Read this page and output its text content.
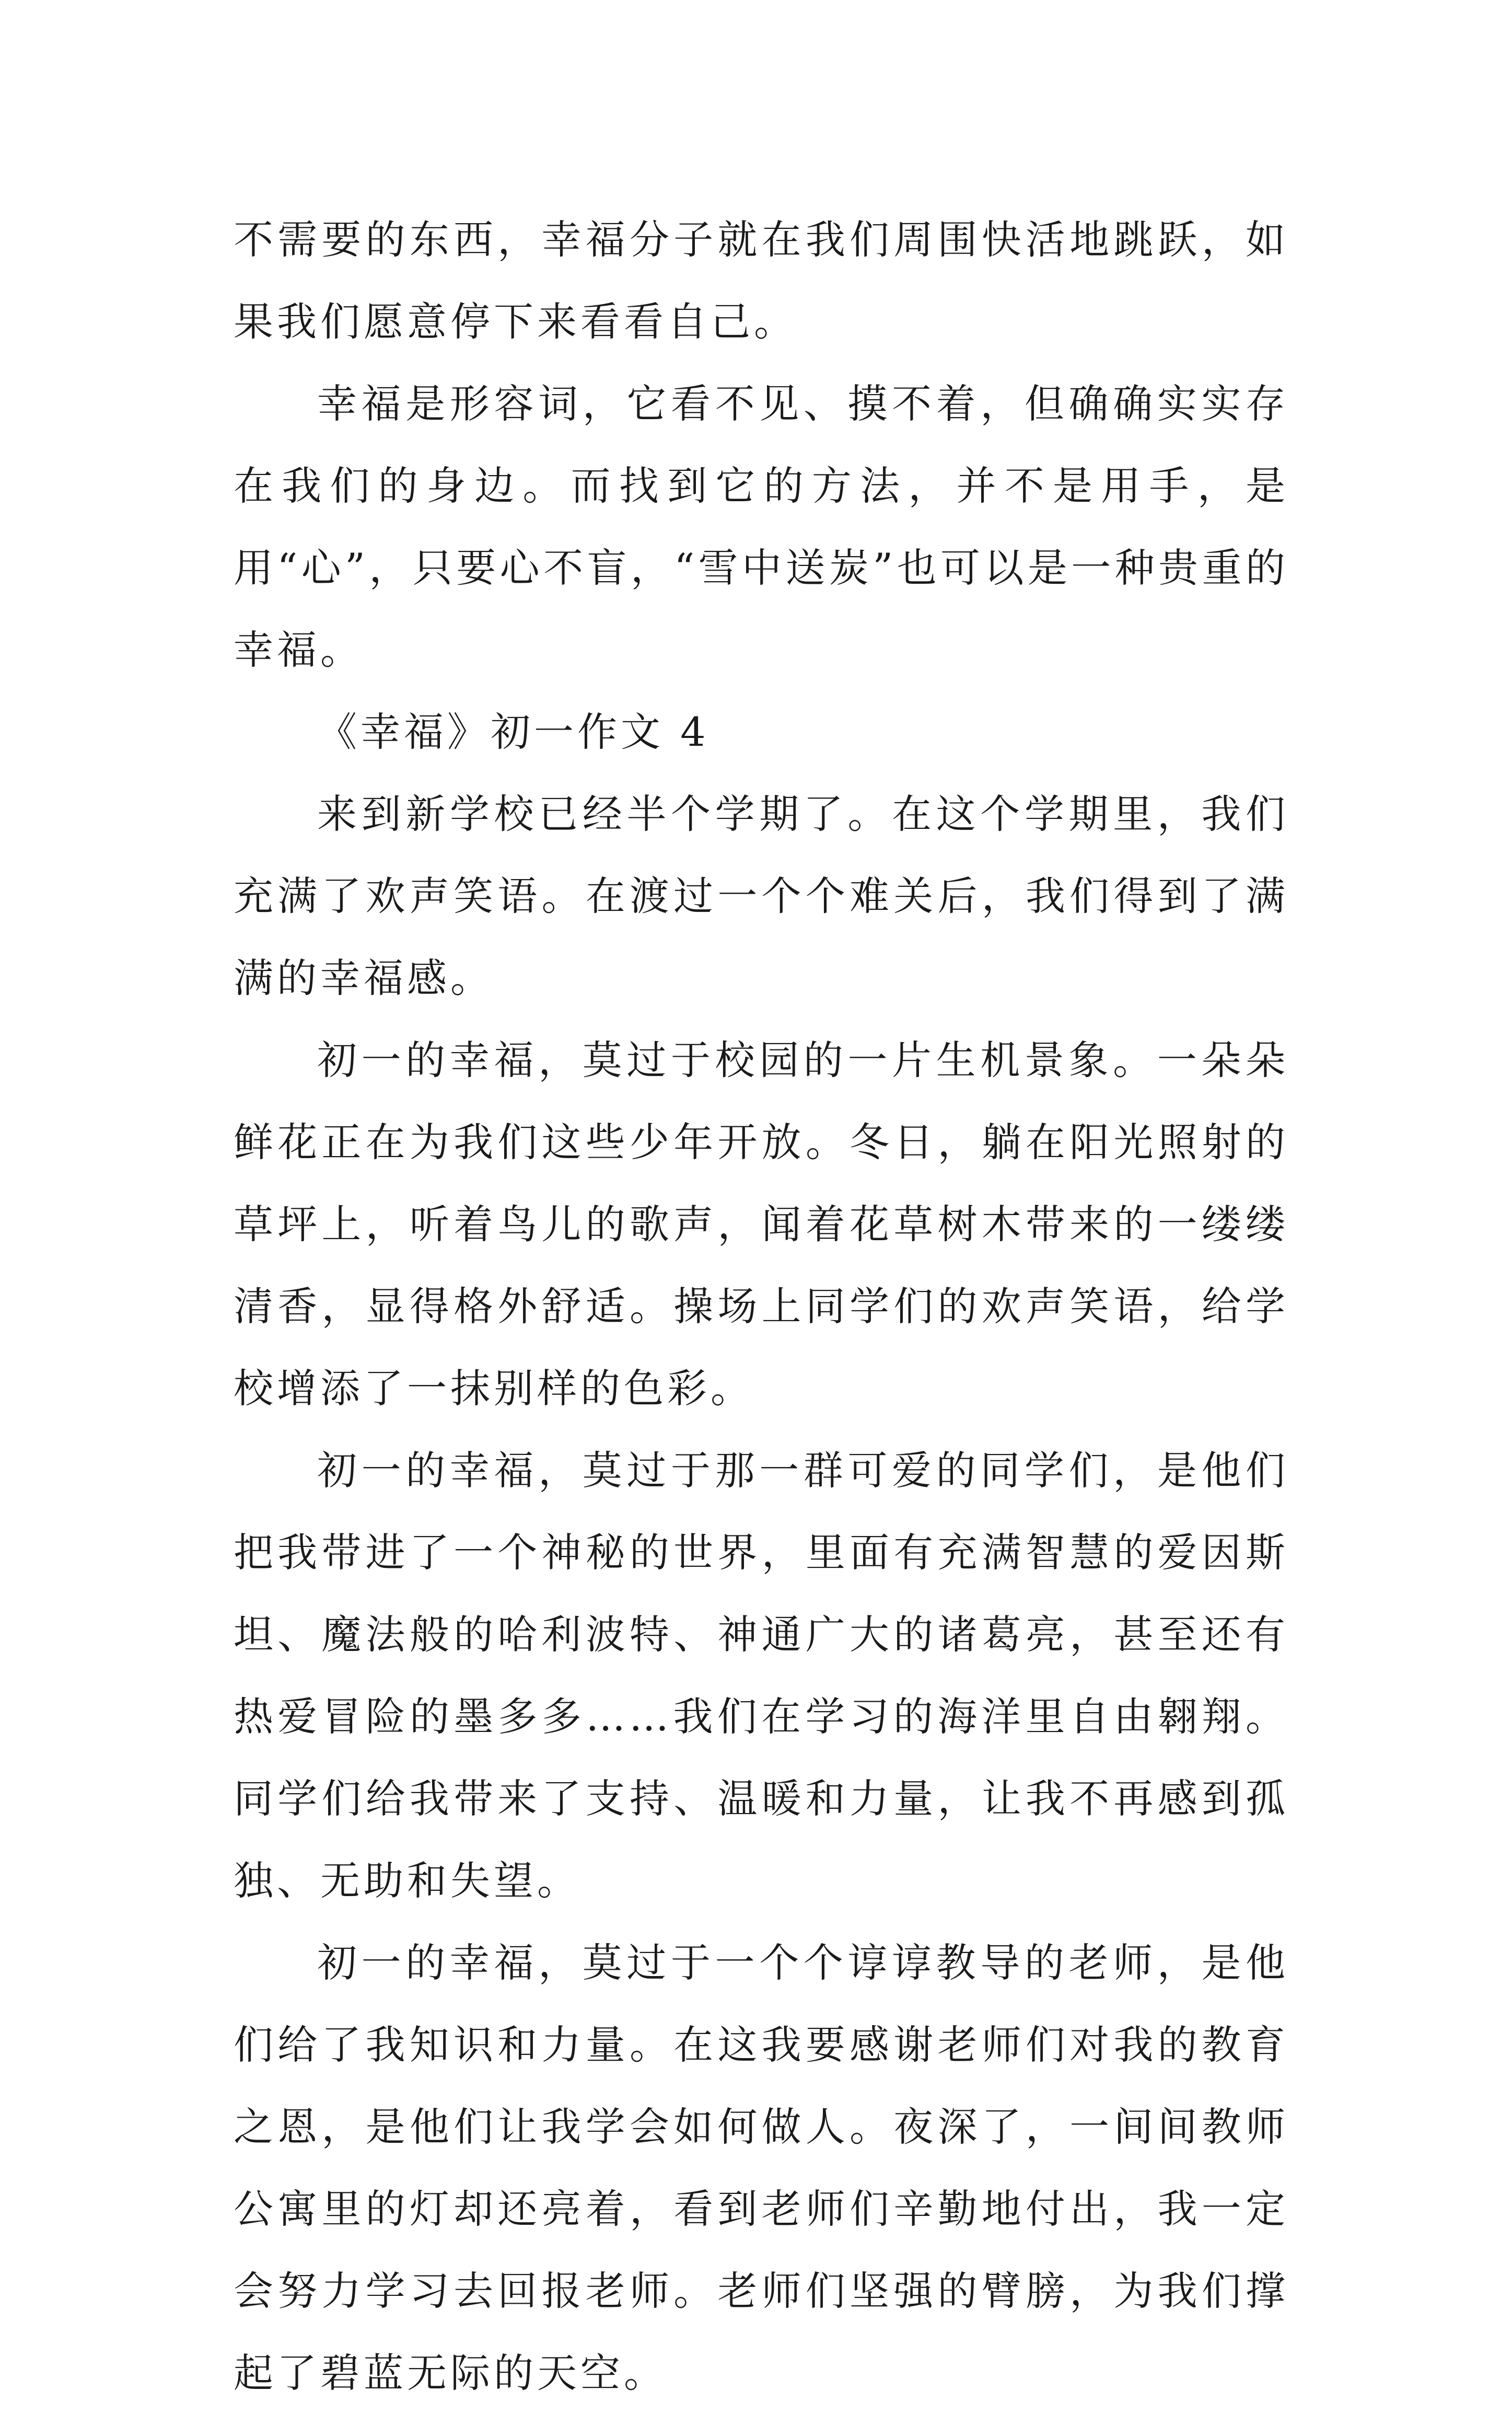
不需要的东西，幸福分子就在我们周围快活地跳跃，如果我们愿意停下来看看自己。

幸福是形容词，它看不见、摸不着，但确确实实存在我们的身边。而找到它的方法，并不是用手，是用“心”，只要心不盲，“雪中送炭”也可以是一种贵重的幸福。

《幸福》初一作文 4

来到新学校已经半个学期了。在这个学期里，我们充满了欢声笑语。在渡过一个个难关后，我们得到了满满的幸福感。

初一的幸福，莫过于校园的一片生机景象。一朵朵鲜花正在为我们这些少年开放。冬日，躺在阳光照射的草坪上，听着鸟儿的歌声，闻着花草树木带来的一缕缕清香，显得格外舒适。操场上同学们的欢声笑语，给学校增添了一抹别样的色彩。

初一的幸福，莫过于那一群可爱的同学们，是他们把我带进了一个神秘的世界，里面有充满智慧的爱因斯坦、魔法般的哈利波特、神通广大的诸葛亮，甚至还有热爱冒险的墨多多……我们在学习的海洋里自由翱翔。同学们给我带来了支持、温暖和力量，让我不再感到孤独、无助和失望。

初一的幸福，莫过于一个个谆谆教导的老师，是他们给了我知识和力量。在这我要感谢老师们对我的教育之恩，是他们让我学会如何做人。夜深了，一间间教师公寓里的灯却还亮着，看到老师们辛勤地付出，我一定会努力学习去回报老师。老师们坚强的臂膀，为我们撑起了碧蓝无际的天空。
